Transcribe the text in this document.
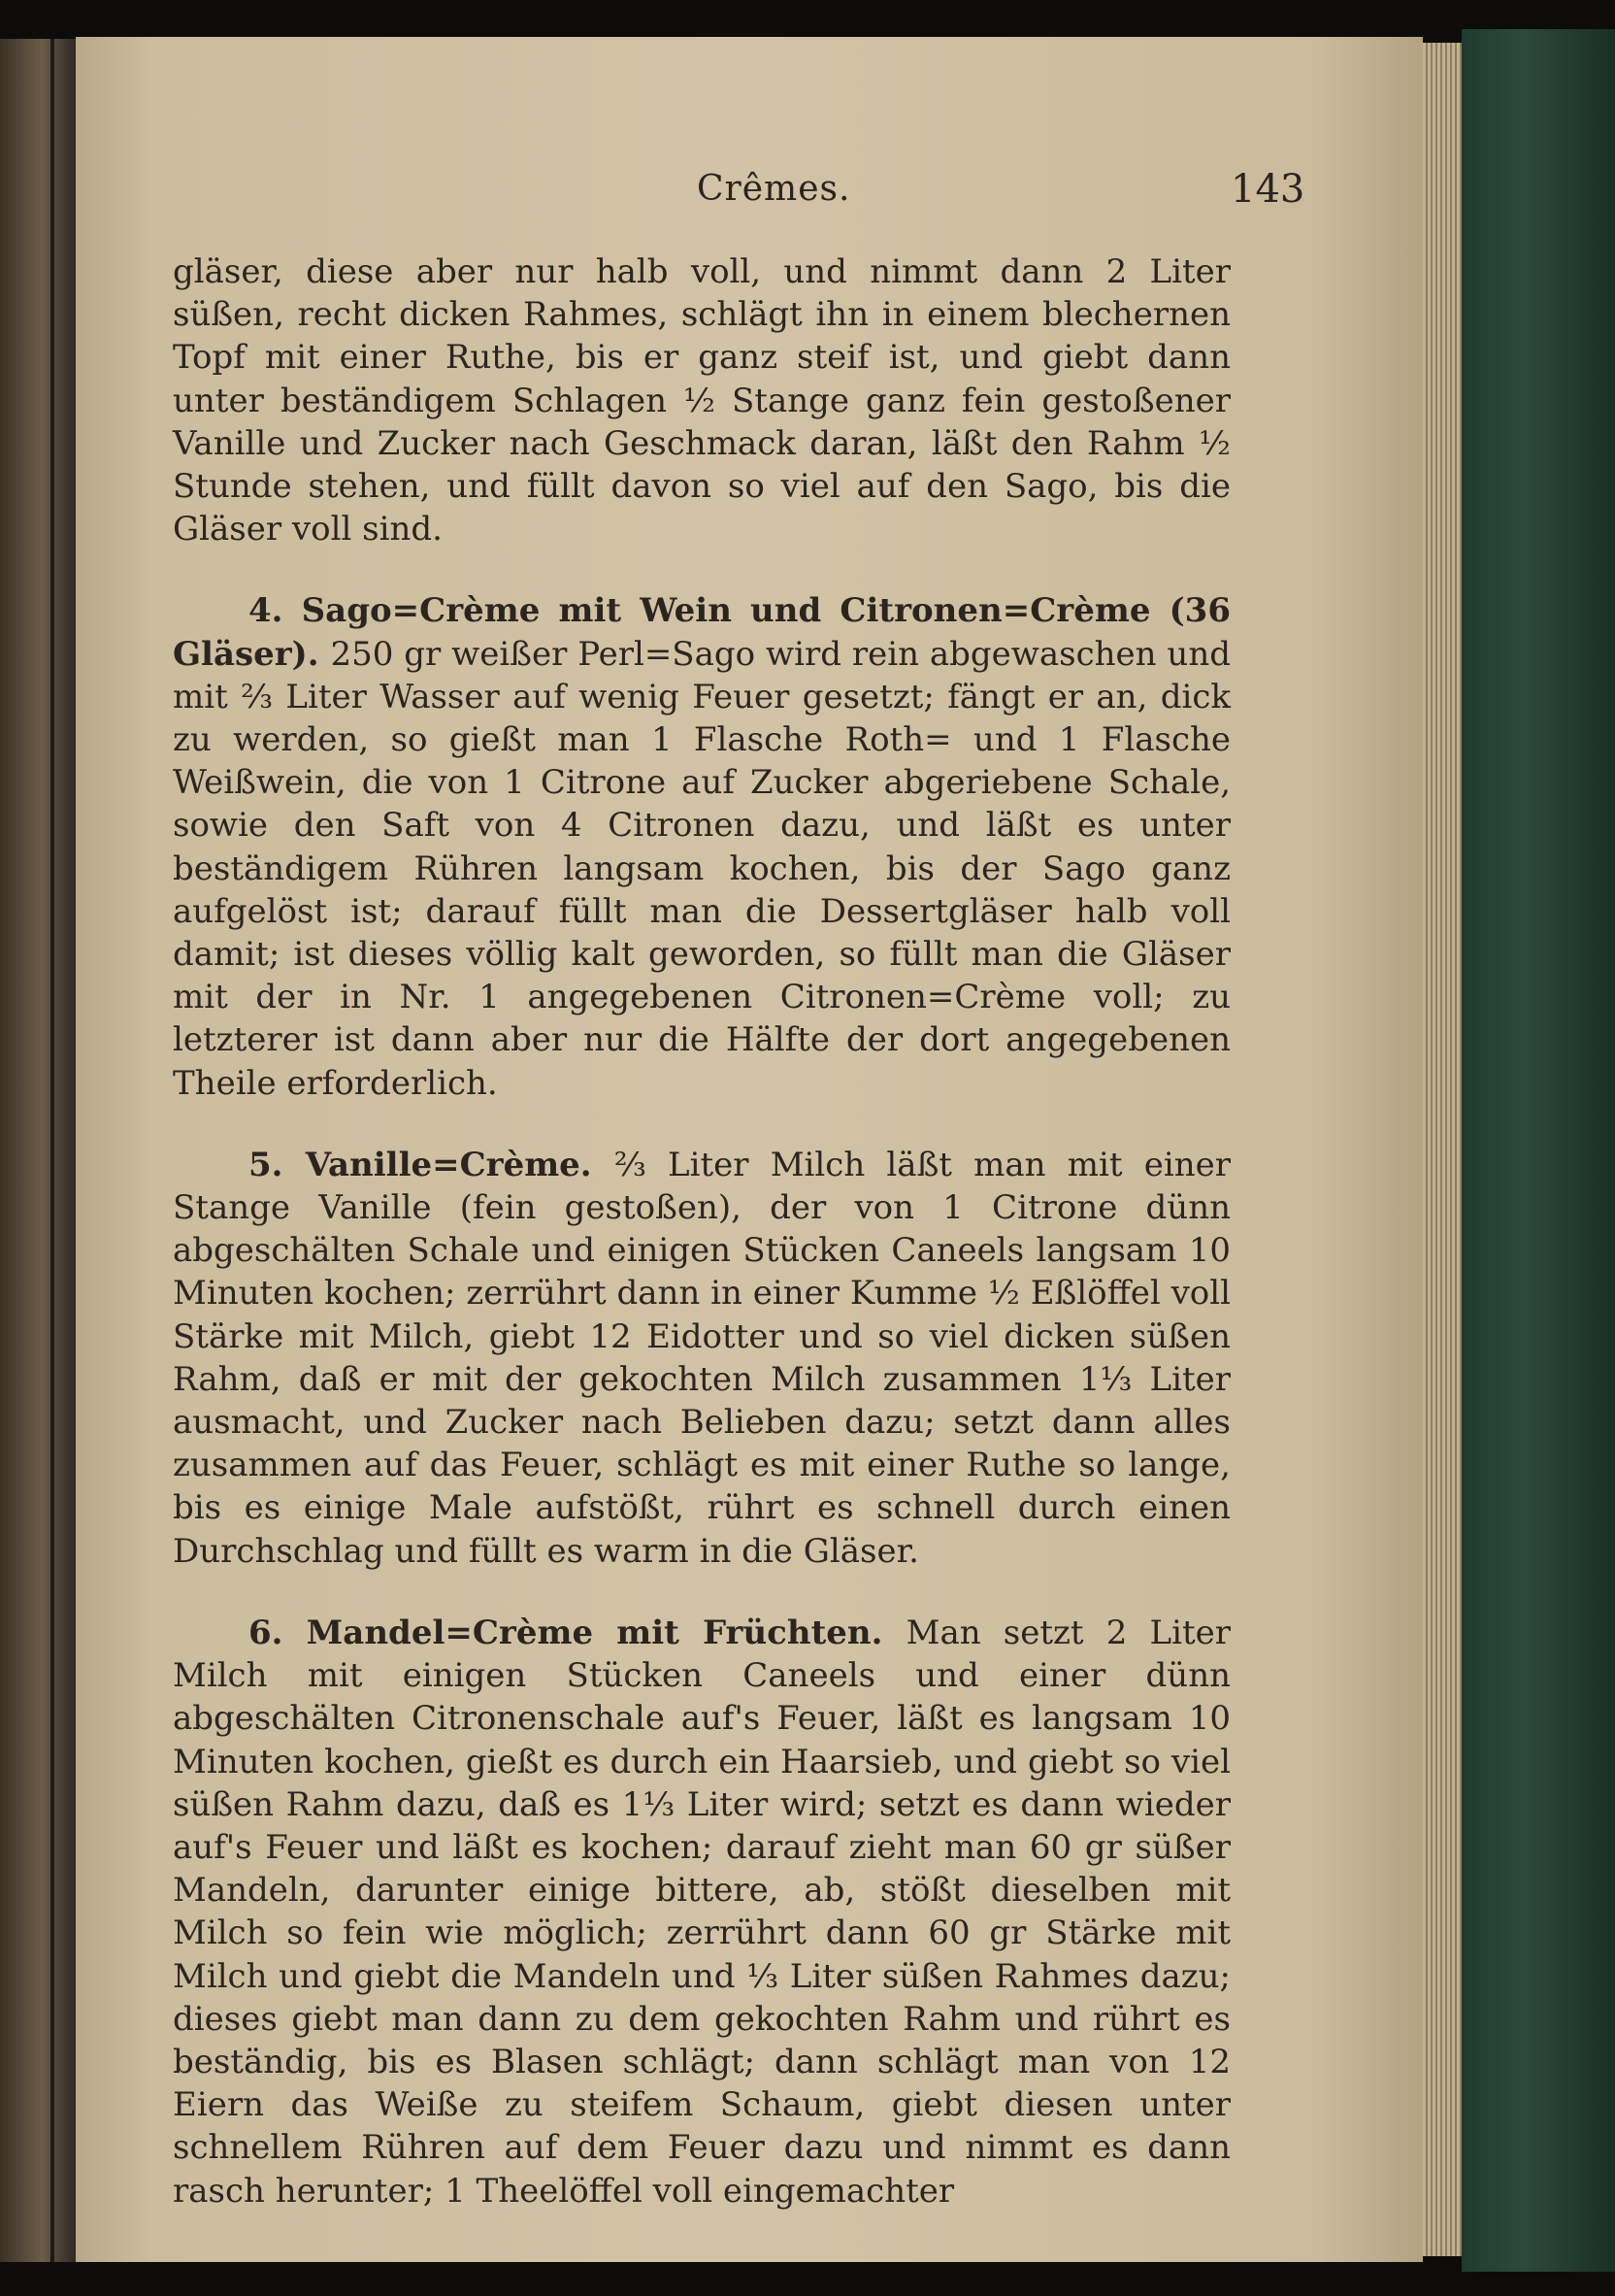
Crêmes.	143

gläser, diese aber nur halb voll, und nimmt dann 2 Liter süßen, recht dicken Rahmes, schlägt ihn in einem blechernen Topf mit einer Ruthe, bis er ganz steif ist, und giebt dann unter beständigem Schlagen ½ Stange ganz fein gestoßener Vanille und Zucker nach Geschmack daran, läßt den Rahm ½ Stunde stehen, und füllt davon so viel auf den Sago, bis die Gläser voll sind.

4. Sago=Crème mit Wein und Citronen=Crème (36 Gläser). 250 gr weißer Perl=Sago wird rein abgewaschen und mit ⅔ Liter Wasser auf wenig Feuer gesetzt; fängt er an, dick zu werden, so gießt man 1 Flasche Roth= und 1 Flasche Weißwein, die von 1 Citrone auf Zucker abgeriebene Schale, sowie den Saft von 4 Citronen dazu, und läßt es unter beständigem Rühren langsam kochen, bis der Sago ganz aufgelöst ist; darauf füllt man die Dessertgläser halb voll damit; ist dieses völlig kalt geworden, so füllt man die Gläser mit der in Nr. 1 angegebenen Citronen=Crème voll; zu letzterer ist dann aber nur die Hälfte der dort angegebenen Theile erforderlich.

5. Vanille=Crème. ⅔ Liter Milch läßt man mit einer Stange Vanille (fein gestoßen), der von 1 Citrone dünn abgeschälten Schale und einigen Stücken Caneels langsam 10 Minuten kochen; zerrührt dann in einer Kumme ½ Eßlöffel voll Stärke mit Milch, giebt 12 Eidotter und so viel dicken süßen Rahm, daß er mit der gekochten Milch zusammen 1⅓ Liter ausmacht, und Zucker nach Belieben dazu; setzt dann alles zusammen auf das Feuer, schlägt es mit einer Ruthe so lange, bis es einige Male aufstößt, rührt es schnell durch einen Durchschlag und füllt es warm in die Gläser.

6. Mandel=Crème mit Früchten. Man setzt 2 Liter Milch mit einigen Stücken Caneels und einer dünn abgeschälten Citronenschale auf's Feuer, läßt es langsam 10 Minuten kochen, gießt es durch ein Haarsieb, und giebt so viel süßen Rahm dazu, daß es 1⅓ Liter wird; setzt es dann wieder auf's Feuer und läßt es kochen; darauf zieht man 60 gr süßer Mandeln, darunter einige bittere, ab, stößt dieselben mit Milch so fein wie möglich; zerrührt dann 60 gr Stärke mit Milch und giebt die Mandeln und ⅓ Liter süßen Rahmes dazu; dieses giebt man dann zu dem gekochten Rahm und rührt es beständig, bis es Blasen schlägt; dann schlägt man von 12 Eiern das Weiße zu steifem Schaum, giebt diesen unter schnellem Rühren auf dem Feuer dazu und nimmt es dann rasch herunter; 1 Theelöffel voll eingemachter
